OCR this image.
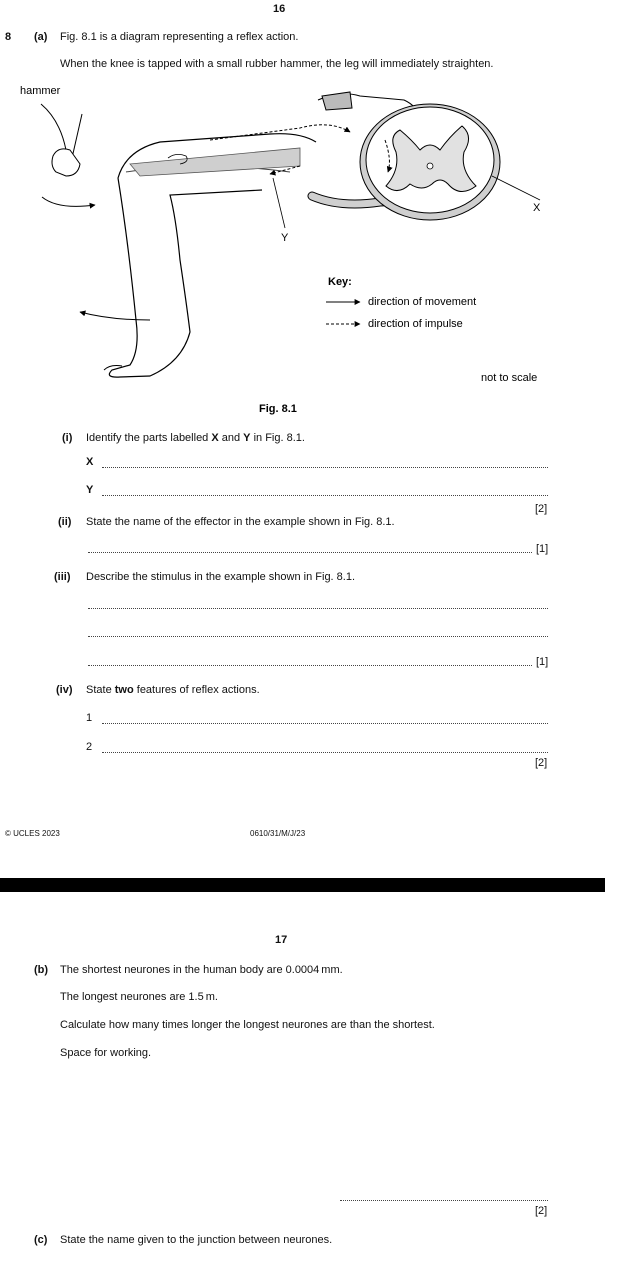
16
8 (a) Fig. 8.1 is a diagram representing a reflex action.
When the knee is tapped with a small rubber hammer, the leg will immediately straighten.
hammer
Y
X
Key:
direction of movement
direction of impulse
not to scale
Fig. 8.1
(i) Identify the parts labelled X and Y in Fig. 8.1.
X
Y
[2]
(ii) State the name of the effector in the example shown in Fig. 8.1.
[1]
(iii) Describe the stimulus in the example shown in Fig. 8.1.
[1]
(iv) State two features of reflex actions.
1
2
[2]
© UCLES 2023	0610/31/M/J/23
17
(b) The shortest neurones in the human body are 0.0004 mm.
The longest neurones are 1.5 m.
Calculate how many times longer the longest neurones are than the shortest.
Space for working.
[2]
(c) State the name given to the junction between neurones.
